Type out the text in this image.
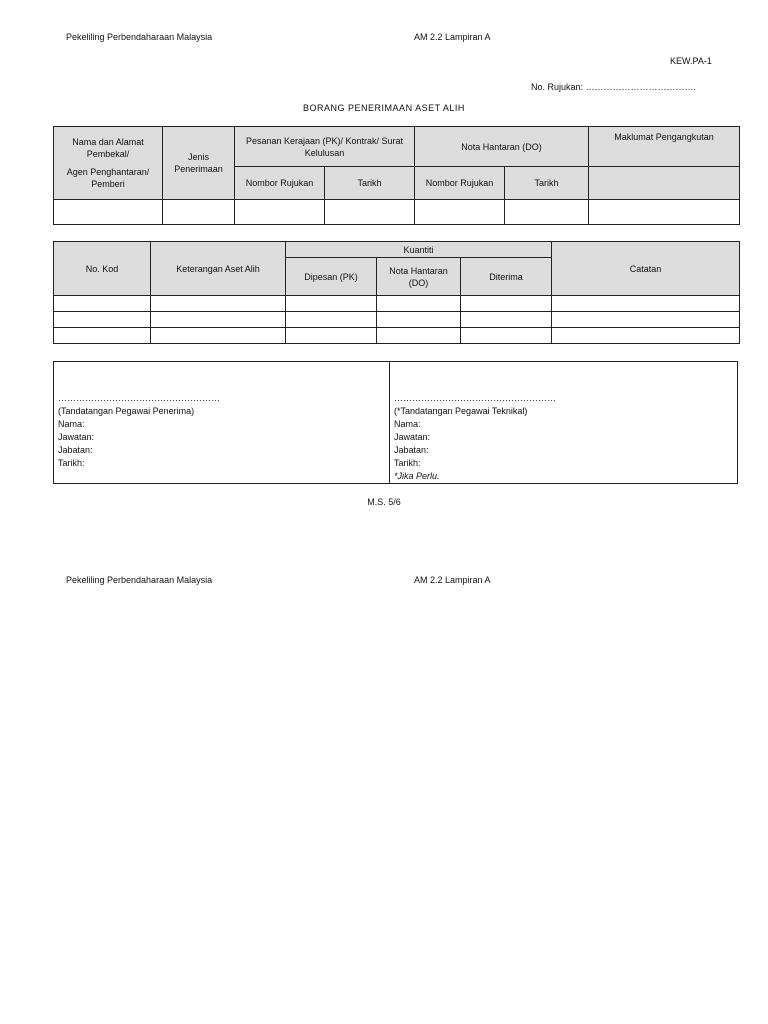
Pekeliling Perbendaharaan Malaysia	AM 2.2 Lampiran A
KEW.PA-1
No. Rujukan: ……………………………….
BORANG PENERIMAAN ASET ALIH
Nama dan Alamat Pembekal/
Agen Penghantaran/ Pemberi	Jenis Penerimaan	Pesanan Kerajaan (PK)/ Kontrak/ Surat Kelulusan		Nota Hantaran (DO)		Maklumat Pengangkutan
		Nombor Rujukan	Tarikh	Nombor Rujukan	Tarikh	

No. Kod	Keterangan Aset Alih	Kuantiti			Catatan
		Dipesan (PK)	Nota Hantaran (DO)	Diterima	

………………………………………………
(Tandatangan Pegawai Penerima)
Nama:
Jawatan:
Jabatan:
Tarikh:
………………………………………………
(*Tandatangan Pegawai Teknikal)
Nama:
Jawatan:
Jabatan:
Tarikh:
*Jika Perlu.
M.S. 5/6
Pekeliling Perbendaharaan Malaysia	AM 2.2 Lampiran A
